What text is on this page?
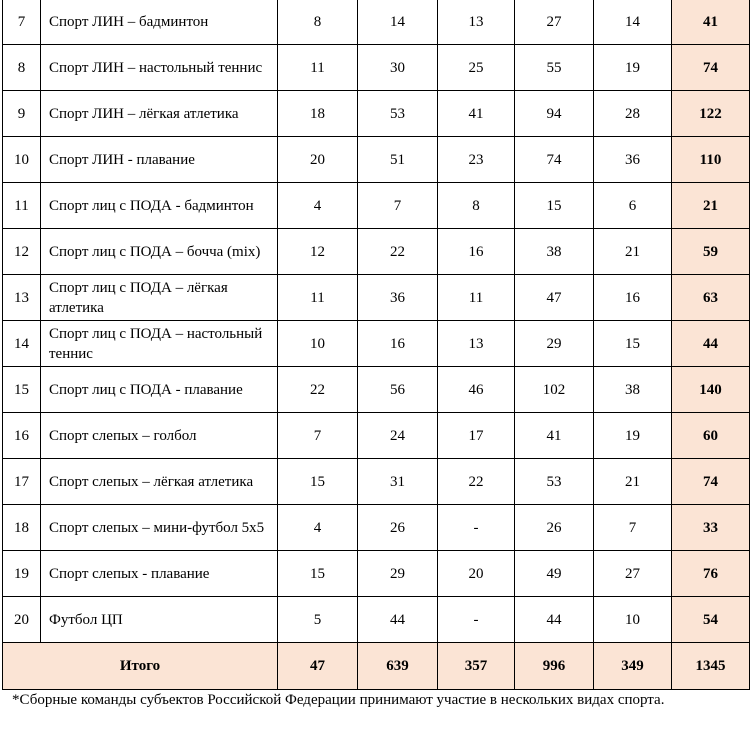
7	Спорт ЛИН – бадминтон	8	14	13	27	14	41
8	Спорт ЛИН – настольный теннис	11	30	25	55	19	74
9	Спорт ЛИН – лёгкая атлетика	18	53	41	94	28	122
10	Спорт ЛИН - плавание	20	51	23	74	36	110
11	Спорт лиц с ПОДА - бадминтон	4	7	8	15	6	21
12	Спорт лиц с ПОДА – бочча (mix)	12	22	16	38	21	59
13	Спорт лиц с ПОДА – лёгкая атлетика	11	36	11	47	16	63
14	Спорт лиц с ПОДА – настольный теннис	10	16	13	29	15	44
15	Спорт лиц с ПОДА - плавание	22	56	46	102	38	140
16	Спорт слепых – голбол	7	24	17	41	19	60
17	Спорт слепых – лёгкая атлетика	15	31	22	53	21	74
18	Спорт слепых – мини-футбол 5х5	4	26	-	26	7	33
19	Спорт слепых - плавание	15	29	20	49	27	76
20	Футбол ЦП	5	44	-	44	10	54
Итого		47	639	357	996	349	1345
*Сборные команды субъектов Российской Федерации принимают участие в нескольких видах спорта.
